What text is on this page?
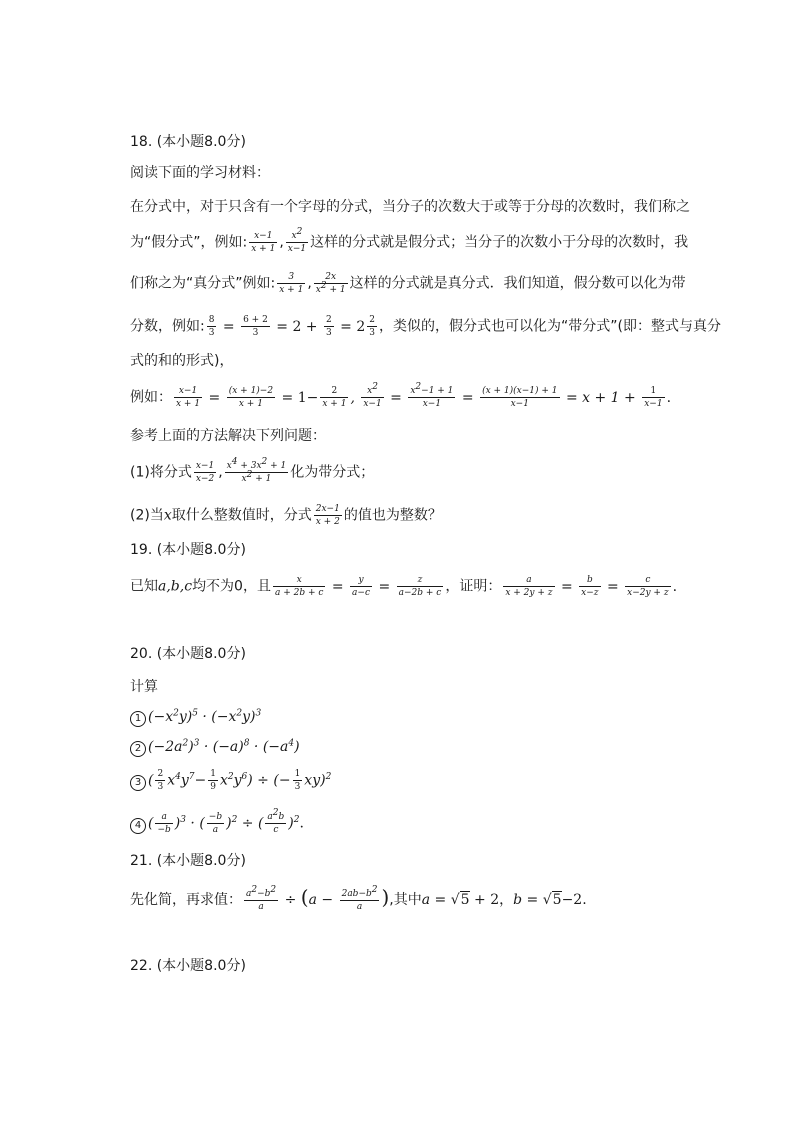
18. (本小题8.0分)
阅读下面的学习材料：
在分式中，对于只含有一个字母的分式，当分子的次数大于或等于分母的次数时，我们称之
为“假分式”，例如: $\frac{x-1}{x + 1}$ , $\frac{x2}{x-1}$ 这样的分式就是假分式；当分子的次数小于分母的次数时，我
们称之为“真分式”例如: $\frac{3}{x + 1}$ , $\frac{2x}{x2 + 1}$ 这样的分式就是真分式．我们知道，假分数可以化为带
分数，例如: $\frac{8}{3} = \frac{6 + 2}{3} = 2 + \frac{2}{3} = 2 \frac{2}{3}$ ，类似的，假分式也可以化为“带分式”(即：整式与真分
式的和的形式)，
例如： $\frac{x-1}{x + 1} = \frac{(x + 1)-2}{x + 1} = 1- \frac{2}{x + 1}$ , $\frac{x2}{x-1} = \frac{x2-1 + 1}{x-1} = \frac{(x + 1)(x-1) + 1}{x-1} = x + 1 + \frac{1}{x-1}$ .
参考上面的方法解决下列问题：
(1)将分式 $\frac{x-1}{x-2}$ , $\frac{x4 + 3x2 + 1}{x2 + 1}$ 化为带分式；
(2)当x取什么整数值时，分式 $\frac{2x-1}{x + 2}$ 的值也为整数？
19. (本小题8.0分)
已知a,b,c均不为0，且 $\frac{x}{a + 2b + c} = \frac{y}{a-c} = \frac{z}{a-2b + c}$ ，证明： $\frac{a}{x + 2y + z} = \frac{b}{x-z} = \frac{c}{x-2y + z}$ .
20. (本小题8.0分)
计算
1 $(-x^2y)^5 \cdot (-x^2y)^3$
2 $(-2a^2)^3 \cdot (-a)^8 \cdot (-a^4)$
3 ( $\frac{2}{3} x^4y^7- \frac{1}{9} x^2y^6$) ÷ (− $\frac{1}{3} xy)^2$
4 ( $\frac{a}{-b} )^3$ · ( $\frac{-b}{a} )^2$ ÷ ( $\frac{a2b}{c} )^2$.
21. (本小题8.0分)
先化简，再求值： $\frac{a2-b2}{a} \div (a - \frac{2ab-b2}{a}$ ),其中a = √5 + 2，b = √5−2.
22. (本小题8.0分)
